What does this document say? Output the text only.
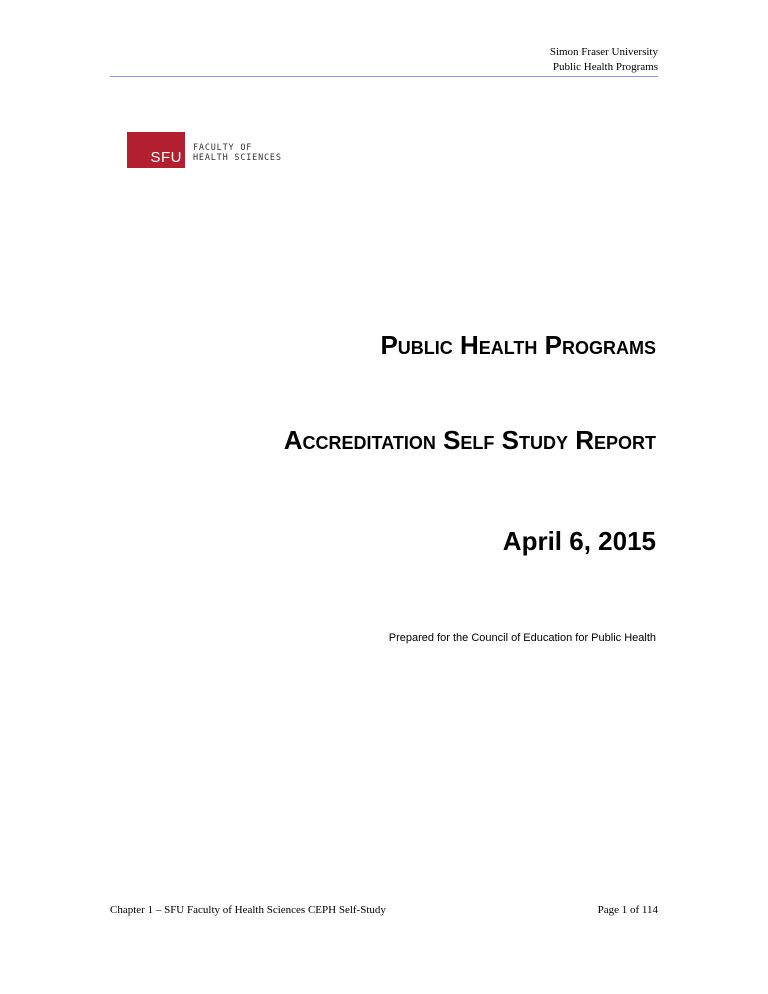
Simon Fraser University
Public Health Programs
SFU
FACULTY OF
HEALTH SCIENCES
Public Health Programs
Accreditation Self Study Report
April 6, 2015
Prepared for the Council of Education for Public Health
Chapter 1 – SFU Faculty of Health Sciences CEPH Self-Study	Page 1 of 114
